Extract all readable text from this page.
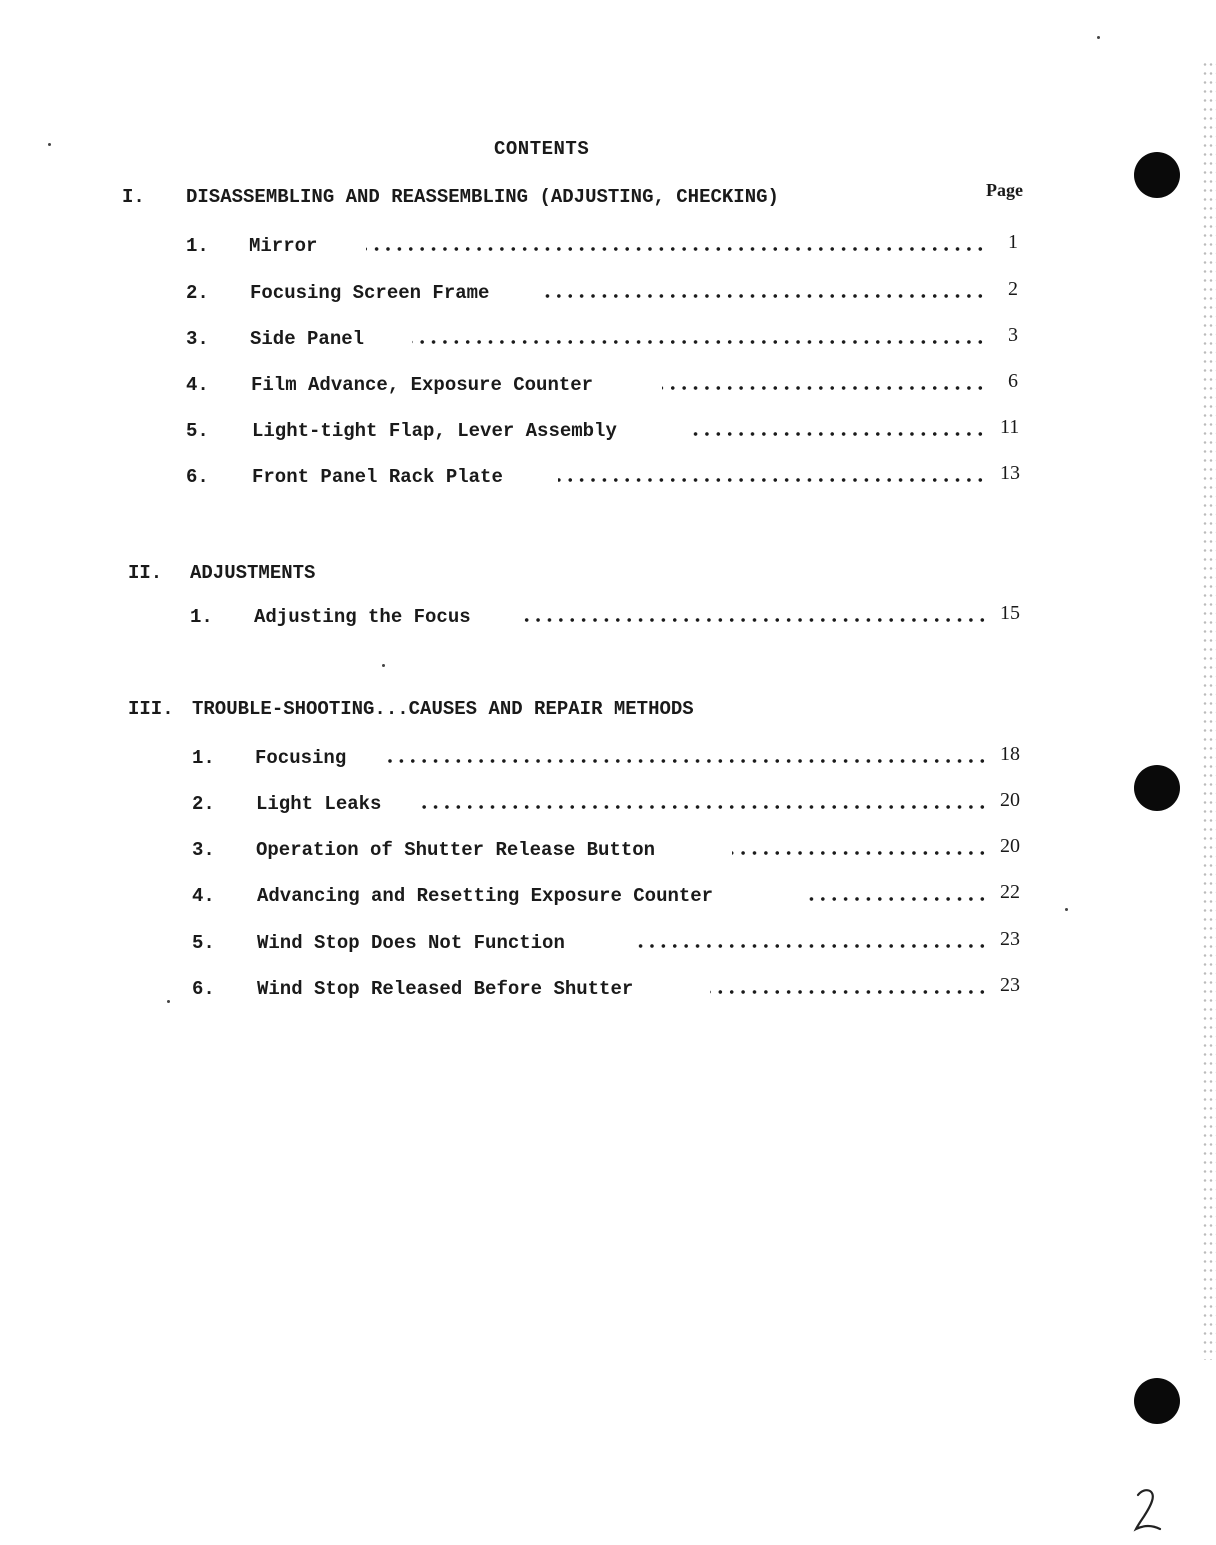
CONTENTS
Page
I. DISASSEMBLING AND REASSEMBLING (ADJUSTING, CHECKING)
1. Mirror	1
2. Focusing Screen Frame	2
3. Side Panel	3
4. Film Advance, Exposure Counter	6
5. Light-tight Flap, Lever Assembly	11
6. Front Panel Rack Plate	13
II. ADJUSTMENTS
1. Adjusting the Focus	15
III. TROUBLE-SHOOTING...CAUSES AND REPAIR METHODS
1. Focusing	18
2. Light Leaks	20
3. Operation of Shutter Release Button	20
4. Advancing and Resetting Exposure Counter	22
5. Wind Stop Does Not Function	23
6. Wind Stop Released Before Shutter	23
